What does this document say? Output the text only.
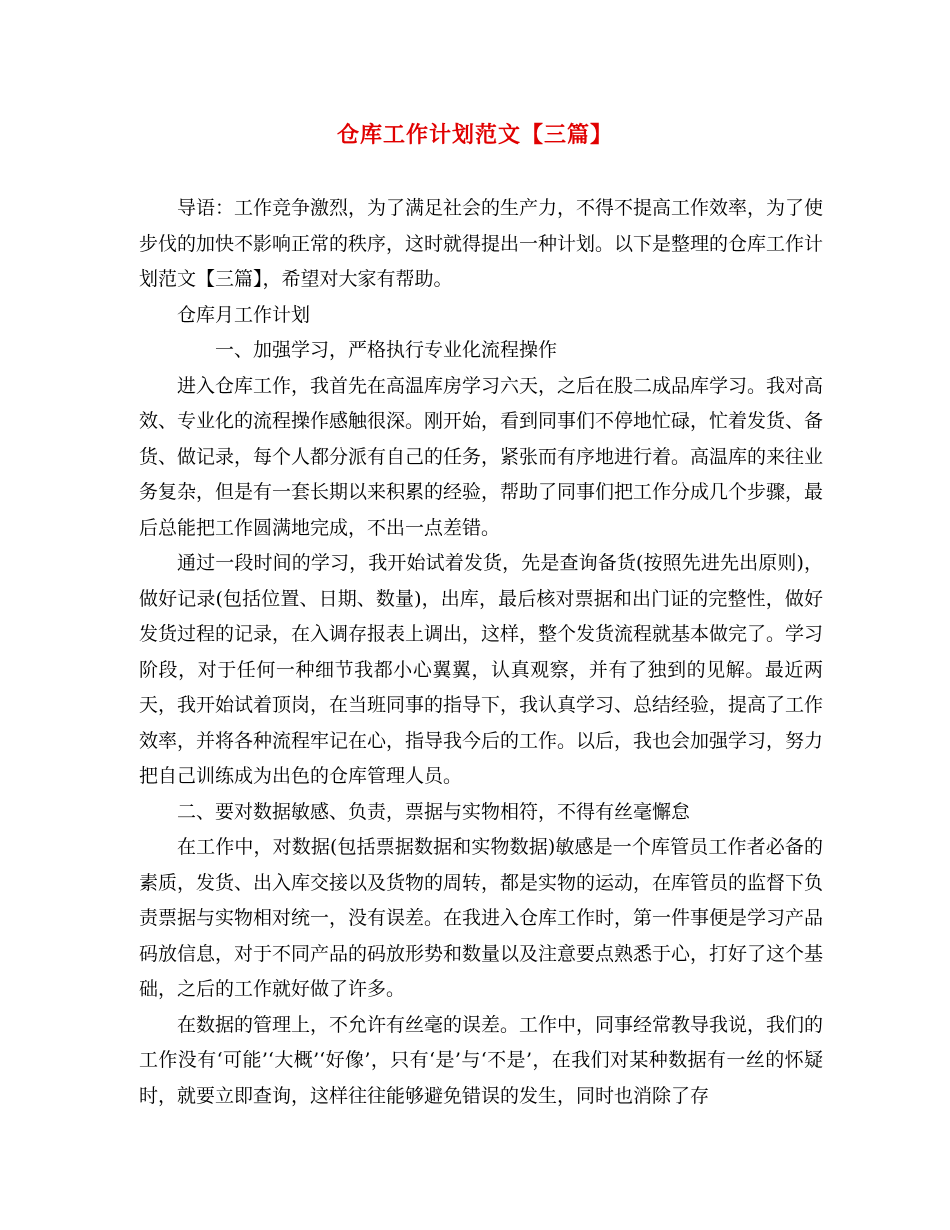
仓库工作计划范文【三篇】

导语：工作竞争激烈，为了满足社会的生产力，不得不提高工作效率，为了使步伐的加快不影响正常的秩序，这时就得提出一种计划。以下是整理的仓库工作计划范文【三篇】，希望对大家有帮助。

仓库月工作计划

一、加强学习，严格执行专业化流程操作

进入仓库工作，我首先在高温库房学习六天，之后在股二成品库学习。我对高效、专业化的流程操作感触很深。刚开始，看到同事们不停地忙碌，忙着发货、备货、做记录，每个人都分派有自己的任务，紧张而有序地进行着。高温库的来往业务复杂，但是有一套长期以来积累的经验，帮助了同事们把工作分成几个步骤，最后总能把工作圆满地完成，不出一点差错。

通过一段时间的学习，我开始试着发货，先是查询备货(按照先进先出原则)，做好记录(包括位置、日期、数量)，出库，最后核对票据和出门证的完整性，做好发货过程的记录，在入调存报表上调出，这样，整个发货流程就基本做完了。学习阶段，对于任何一种细节我都小心翼翼，认真观察，并有了独到的见解。最近两天，我开始试着顶岗，在当班同事的指导下，我认真学习、总结经验，提高了工作效率，并将各种流程牢记在心，指导我今后的工作。以后，我也会加强学习，努力把自己训练成为出色的仓库管理人员。

二、要对数据敏感、负责，票据与实物相符，不得有丝毫懈怠

在工作中，对数据(包括票据数据和实物数据)敏感是一个库管员工作者必备的素质，发货、出入库交接以及货物的周转，都是实物的运动，在库管员的监督下负责票据与实物相对统一，没有误差。在我进入仓库工作时，第一件事便是学习产品码放信息，对于不同产品的码放形势和数量以及注意要点熟悉于心，打好了这个基础，之后的工作就好做了许多。

在数据的管理上，不允许有丝毫的误差。工作中，同事经常教导我说，我们的工作没有‘可能’‘大概’‘好像’，只有‘是’与‘不是’，在我们对某种数据有一丝的怀疑时，就要立即查询，这样往往能够避免错误的发生，同时也消除了存
